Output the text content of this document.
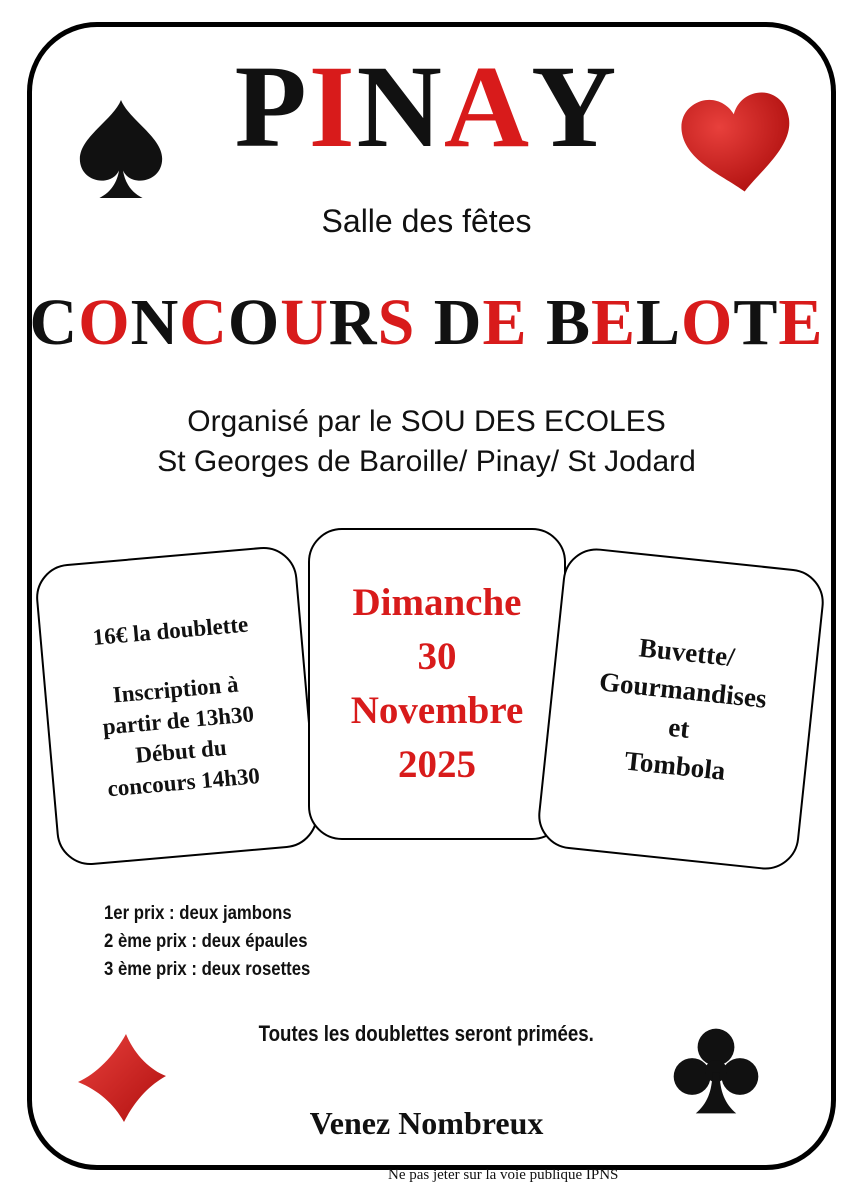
PINAY
Salle des fêtes
CONCOURS DE BELOTE
Organisé par le SOU DES ECOLES
St Georges de Baroille/ Pinay/ St Jodard
16€ la doublette
Inscription à
partir de 13h30
Début du
concours 14h30
Dimanche
30
Novembre
2025
Buvette/
Gourmandises
et
Tombola
1er prix : deux jambons
2 ème prix : deux épaules
3 ème prix : deux rosettes
Toutes les doublettes seront primées.
Venez Nombreux
Ne pas jeter sur la voie publique IPNS
